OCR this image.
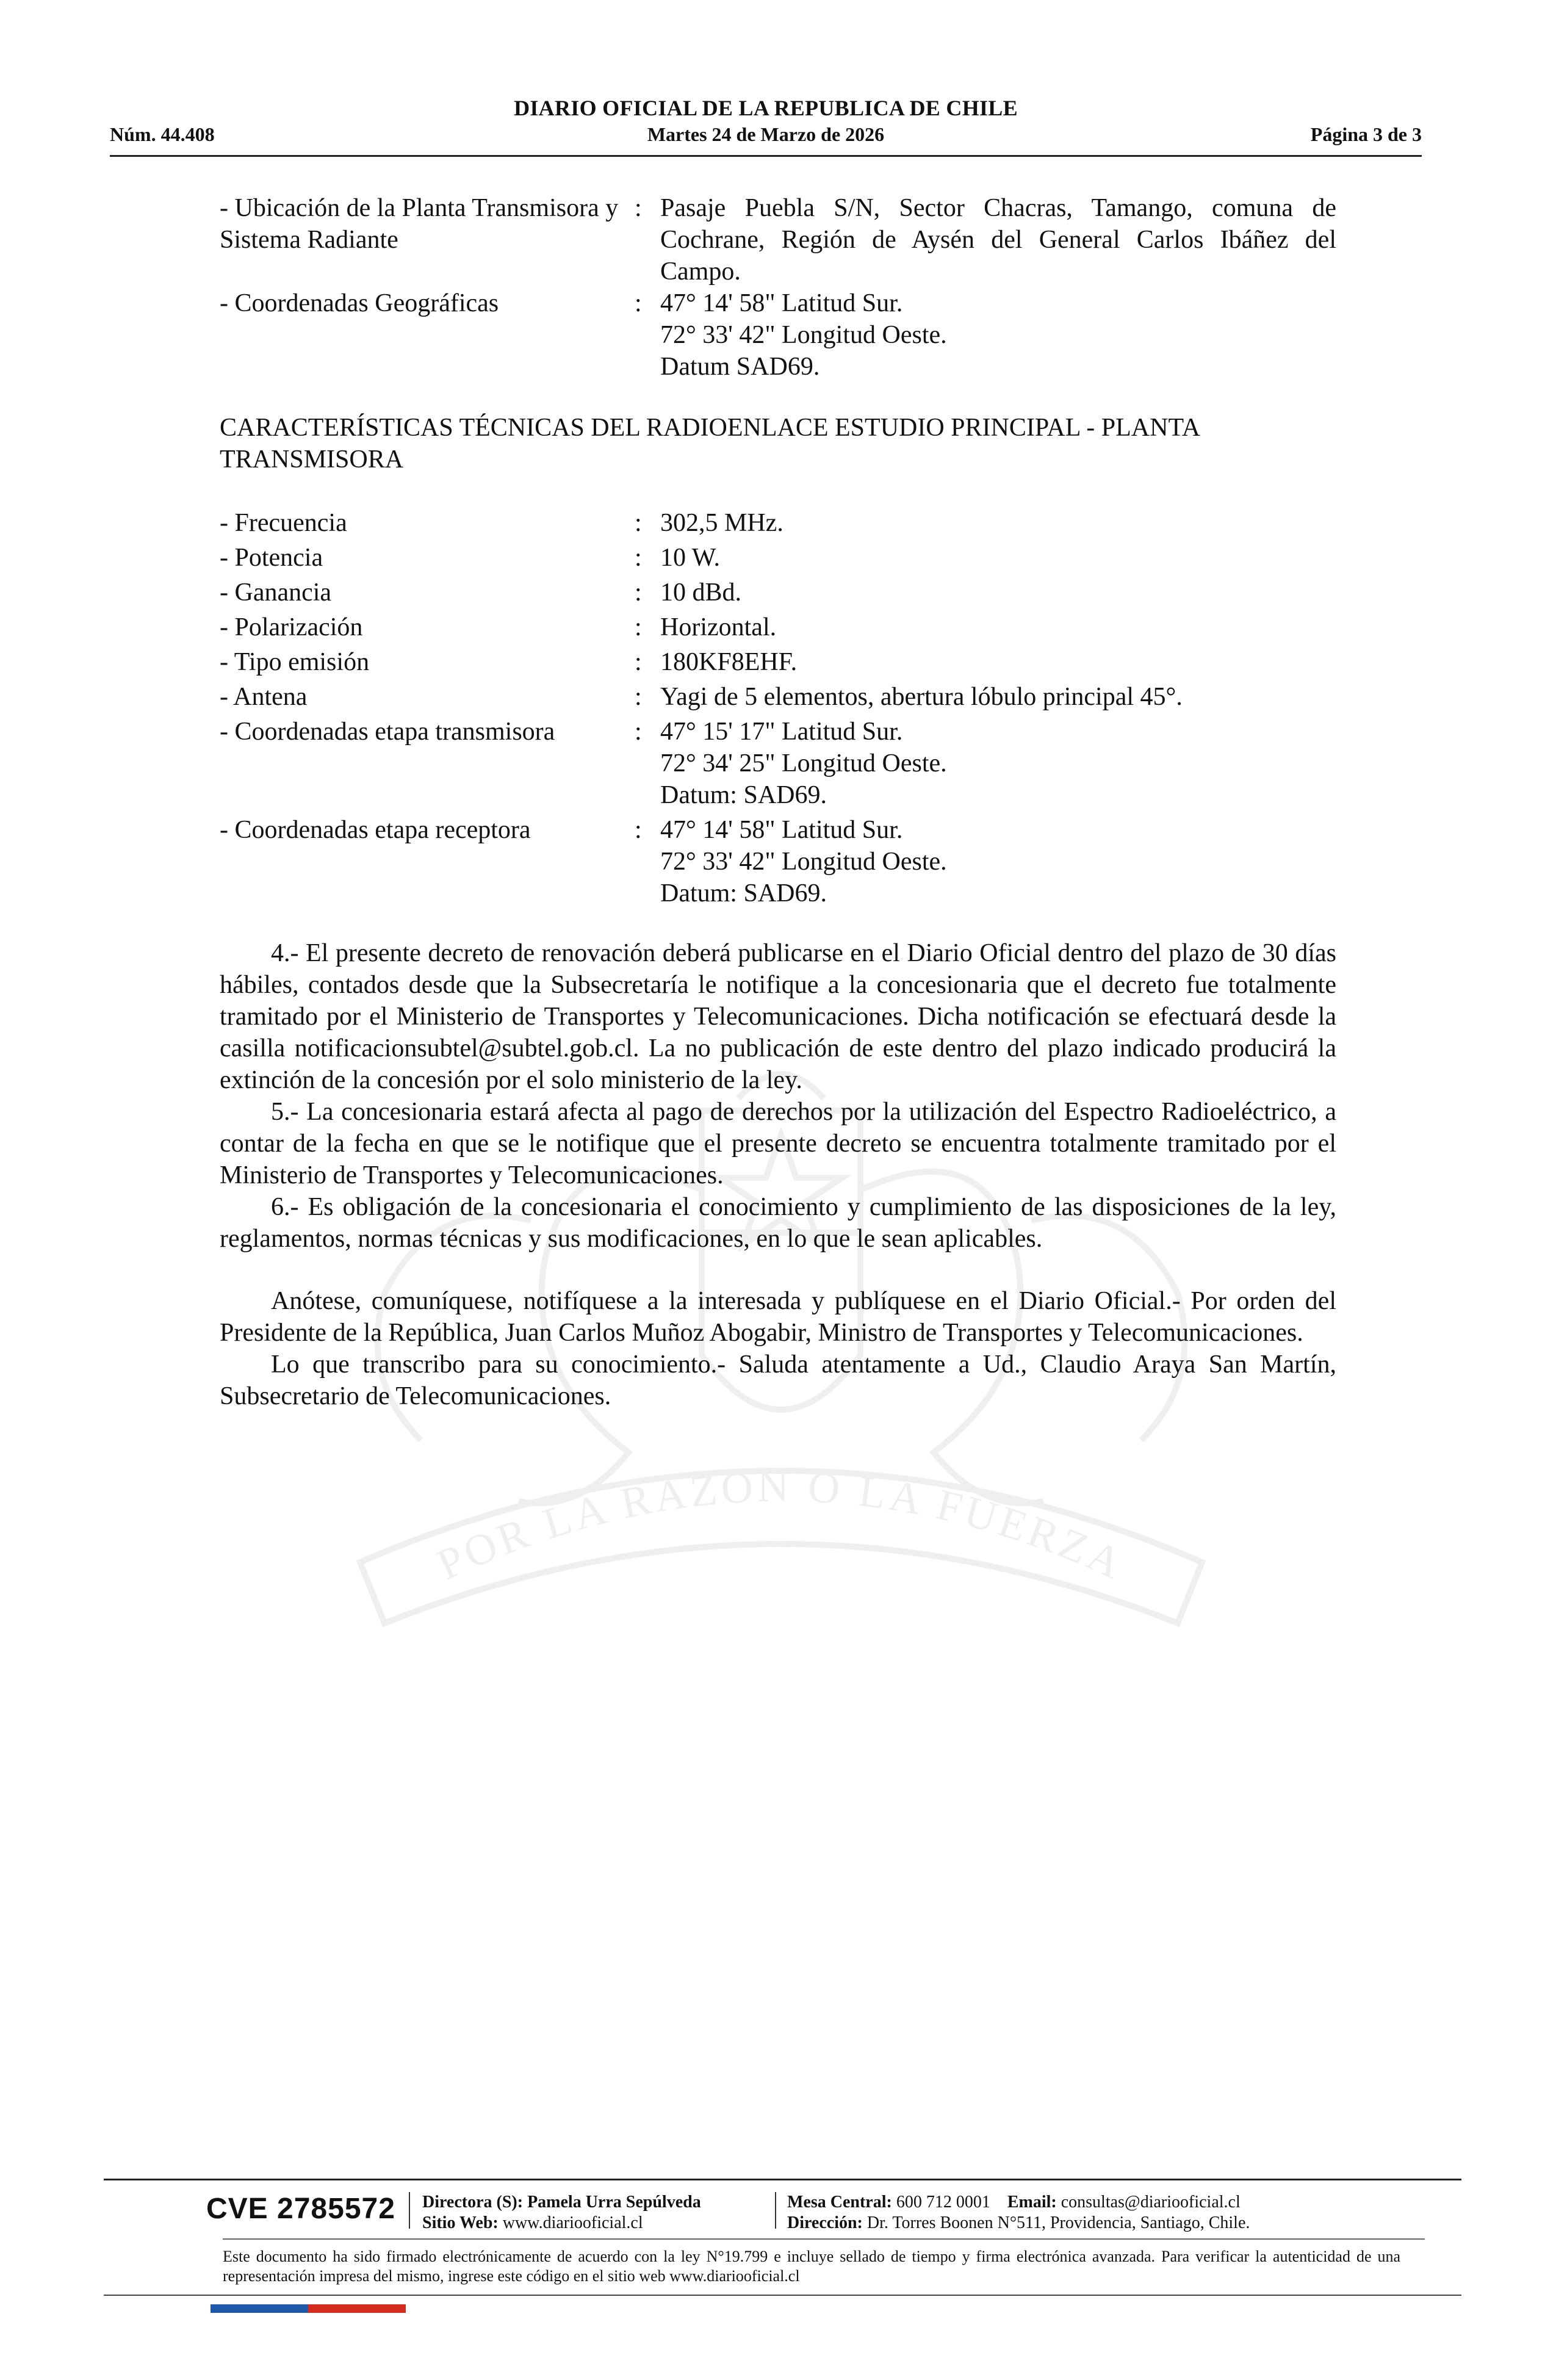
DIARIO OFICIAL DE LA REPUBLICA DE CHILE
Núm. 44.408	Martes 24 de Marzo de 2026	Página 3 de 3
POR LA RAZON O LA FUERZA
- Ubicación de la Planta Transmisora y Sistema Radiante
: Pasaje Puebla S/N, Sector Chacras, Tamango, comuna de Cochrane, Región de Aysén del General Carlos Ibáñez del Campo.
- Coordenadas Geográficas	: 47° 14' 58" Latitud Sur.
72° 33' 42" Longitud Oeste.
Datum SAD69.
CARACTERÍSTICAS TÉCNICAS DEL RADIOENLACE ESTUDIO PRINCIPAL - PLANTA TRANSMISORA
- Frecuencia	: 302,5 MHz.
- Potencia	: 10 W.
- Ganancia	: 10 dBd.
- Polarización	: Horizontal.
- Tipo emisión	: 180KF8EHF.
- Antena	: Yagi de 5 elementos, abertura lóbulo principal 45°.
- Coordenadas etapa transmisora	: 47° 15' 17" Latitud Sur.
72° 34' 25" Longitud Oeste.
Datum: SAD69.
- Coordenadas etapa receptora	: 47° 14' 58" Latitud Sur.
72° 33' 42" Longitud Oeste.
Datum: SAD69.

4.- El presente decreto de renovación deberá publicarse en el Diario Oficial dentro del plazo de 30 días hábiles, contados desde que la Subsecretaría le notifique a la concesionaria que el decreto fue totalmente tramitado por el Ministerio de Transportes y Telecomunicaciones. Dicha notificación se efectuará desde la casilla notificacionsubtel@subtel.gob.cl. La no publicación de este dentro del plazo indicado producirá la extinción de la concesión por el solo ministerio de la ley.

5.- La concesionaria estará afecta al pago de derechos por la utilización del Espectro Radioeléctrico, a contar de la fecha en que se le notifique que el presente decreto se encuentra totalmente tramitado por el Ministerio de Transportes y Telecomunicaciones.

6.- Es obligación de la concesionaria el conocimiento y cumplimiento de las disposiciones de la ley, reglamentos, normas técnicas y sus modificaciones, en lo que le sean aplicables.

Anótese, comuníquese, notifíquese a la interesada y publíquese en el Diario Oficial.- Por orden del Presidente de la República, Juan Carlos Muñoz Abogabir, Ministro de Transportes y Telecomunicaciones.

Lo que transcribo para su conocimiento.- Saluda atentamente a Ud., Claudio Araya San Martín, Subsecretario de Telecomunicaciones.

CVE 2785572	Directora (S): Pamela Urra Sepúlveda
Sitio Web: www.diariooficial.cl
Mesa Central: 600 712 0001 Email: consultas@diariooficial.cl
Dirección: Dr. Torres Boonen N°511, Providencia, Santiago, Chile.
Este documento ha sido firmado electrónicamente de acuerdo con la ley N°19.799 e incluye sellado de tiempo y firma electrónica avanzada. Para verificar la autenticidad de una representación impresa del mismo, ingrese este código en el sitio web www.diariooficial.cl
